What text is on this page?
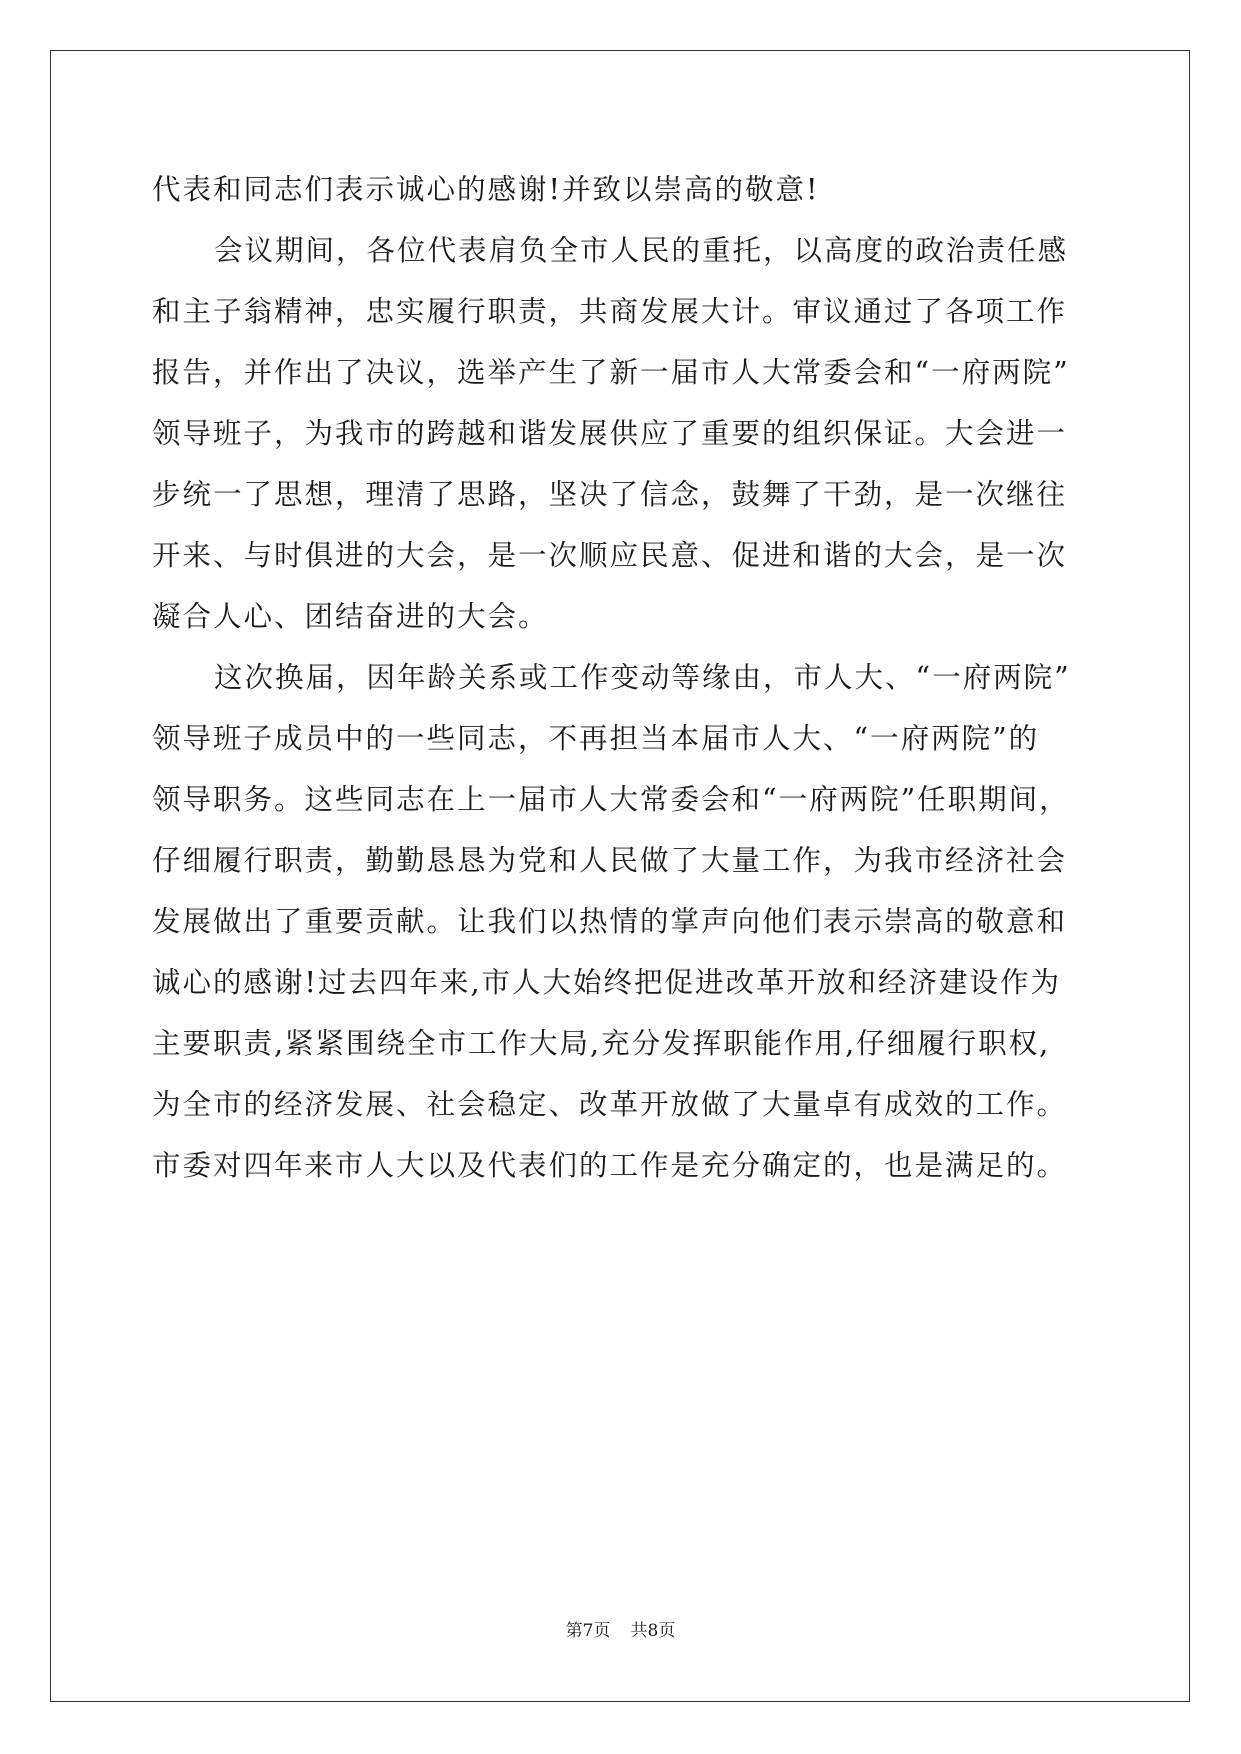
代表和同志们表示诚心的感谢!并致以崇高的敬意!
会议期间，各位代表肩负全市人民的重托，以高度的政治责任感
和主子翁精神，忠实履行职责，共商发展大计。审议通过了各项工作
报告，并作出了决议，选举产生了新一届市人大常委会和“一府两院”
领导班子，为我市的跨越和谐发展供应了重要的组织保证。大会进一
步统一了思想，理清了思路，坚决了信念，鼓舞了干劲，是一次继往
开来、与时俱进的大会，是一次顺应民意、促进和谐的大会，是一次
凝合人心、团结奋进的大会。
这次换届，因年龄关系或工作变动等缘由，市人大、“一府两院”
领导班子成员中的一些同志，不再担当本届市人大、“一府两院”的
领导职务。这些同志在上一届市人大常委会和“一府两院”任职期间，
仔细履行职责，勤勤恳恳为党和人民做了大量工作，为我市经济社会
发展做出了重要贡献。让我们以热情的掌声向他们表示崇高的敬意和
诚心的感谢!过去四年来,市人大始终把促进改革开放和经济建设作为
主要职责,紧紧围绕全市工作大局,充分发挥职能作用,仔细履行职权,
为全市的经济发展、社会稳定、改革开放做了大量卓有成效的工作。
市委对四年来市人大以及代表们的工作是充分确定的，也是满足的。
第7页 共8页
